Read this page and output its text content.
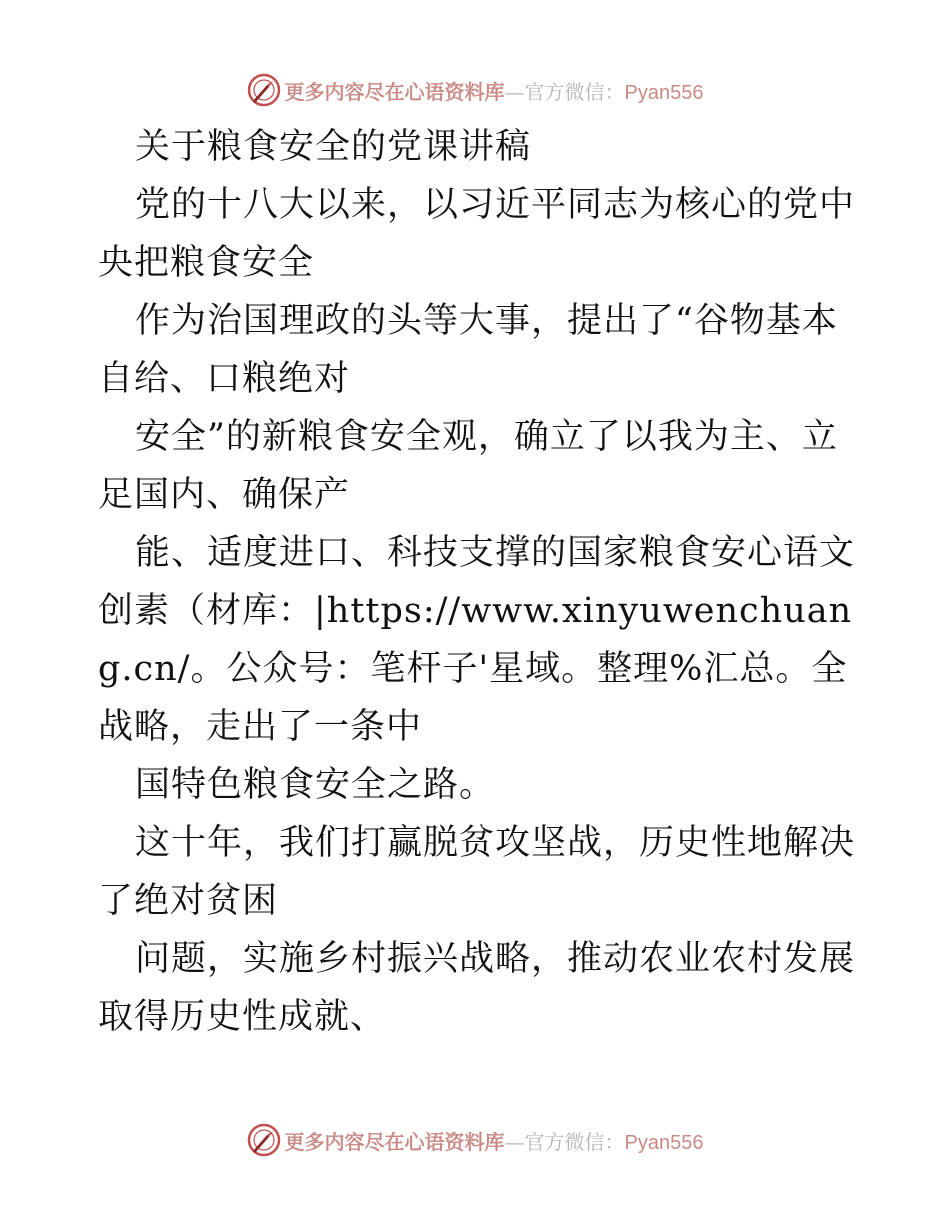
更多内容尽在心语资料库—官方微信：Pyan556

关于粮食安全的党课讲稿

党的十八大以来，以习近平同志为核心的党中央把粮食安全

作为治国理政的头等大事，提出了“谷物基本自给、口粮绝对

安全”的新粮食安全观，确立了以我为主、立足国内、确保产

能、适度进口、科技支撑的国家粮食安心语文创素（材库：|https://www.xinyuwenchuang.cn/。公众号：笔杆子'星域。整理%汇总。全战略，走出了一条中

国特色粮食安全之路。

这十年，我们打赢脱贫攻坚战，历史性地解决了绝对贫困

问题，实施乡村振兴战略，推动农业农村发展取得历史性成就、

更多内容尽在心语资料库—官方微信：Pyan556
